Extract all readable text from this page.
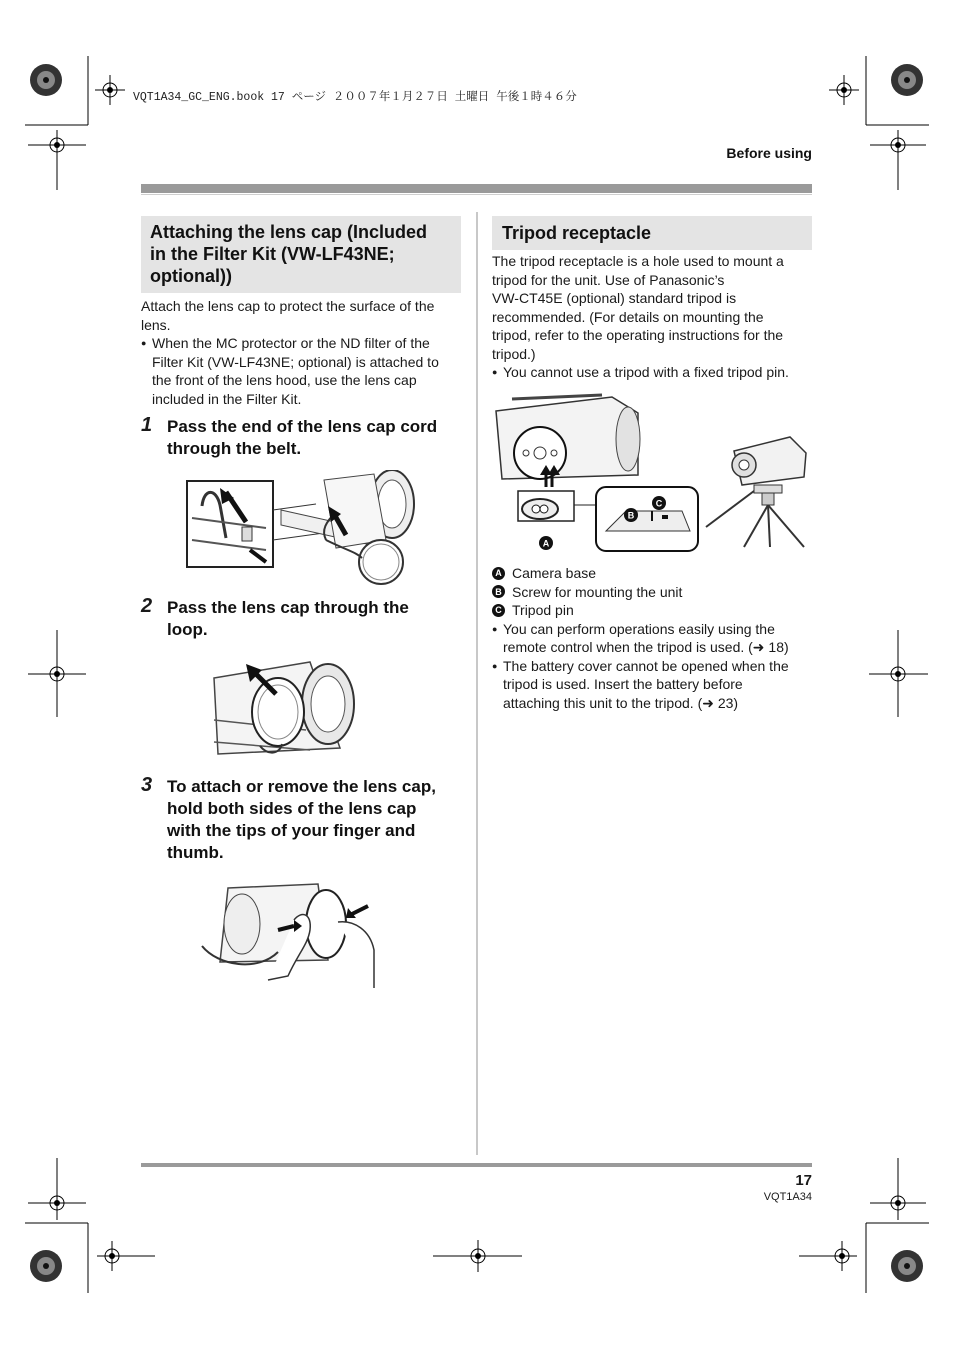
VQT1A34_GC_ENG.book 17 ページ ２００７年１月２７日 土曜日 午後１時４６分
Before using
Attaching the lens cap (Included
in the Filter Kit (VW-LF43NE;
optional))
Attach the lens cap to protect the surface of the
lens.
● When the MC protector or the ND filter of the
Filter Kit (VW-LF43NE; optional) is attached to
the front of the lens hood, use the lens cap
included in the Filter Kit.
1 Pass the end of the lens cap cord
through the belt.
2 Pass the lens cap through the
loop.
3 To attach or remove the lens cap,
hold both sides of the lens cap
with the tips of your finger and
thumb.
Tripod receptacle
The tripod receptacle is a hole used to mount a
tripod for the unit. Use of Panasonic’s
VW-CT45E (optional) standard tripod is
recommended. (For details on mounting the
tripod, refer to the operating instructions for the
tripod.)
● You cannot use a tripod with a fixed tripod pin.
B
C
A
A Camera base
B Screw for mounting the unit
C Tripod pin
● You can perform operations easily using the
remote control when the tripod is used. (➜ 18)
● The battery cover cannot be opened when the
tripod is used. Insert the battery before
attaching this unit to the tripod. (➜ 23)
17
VQT1A34
